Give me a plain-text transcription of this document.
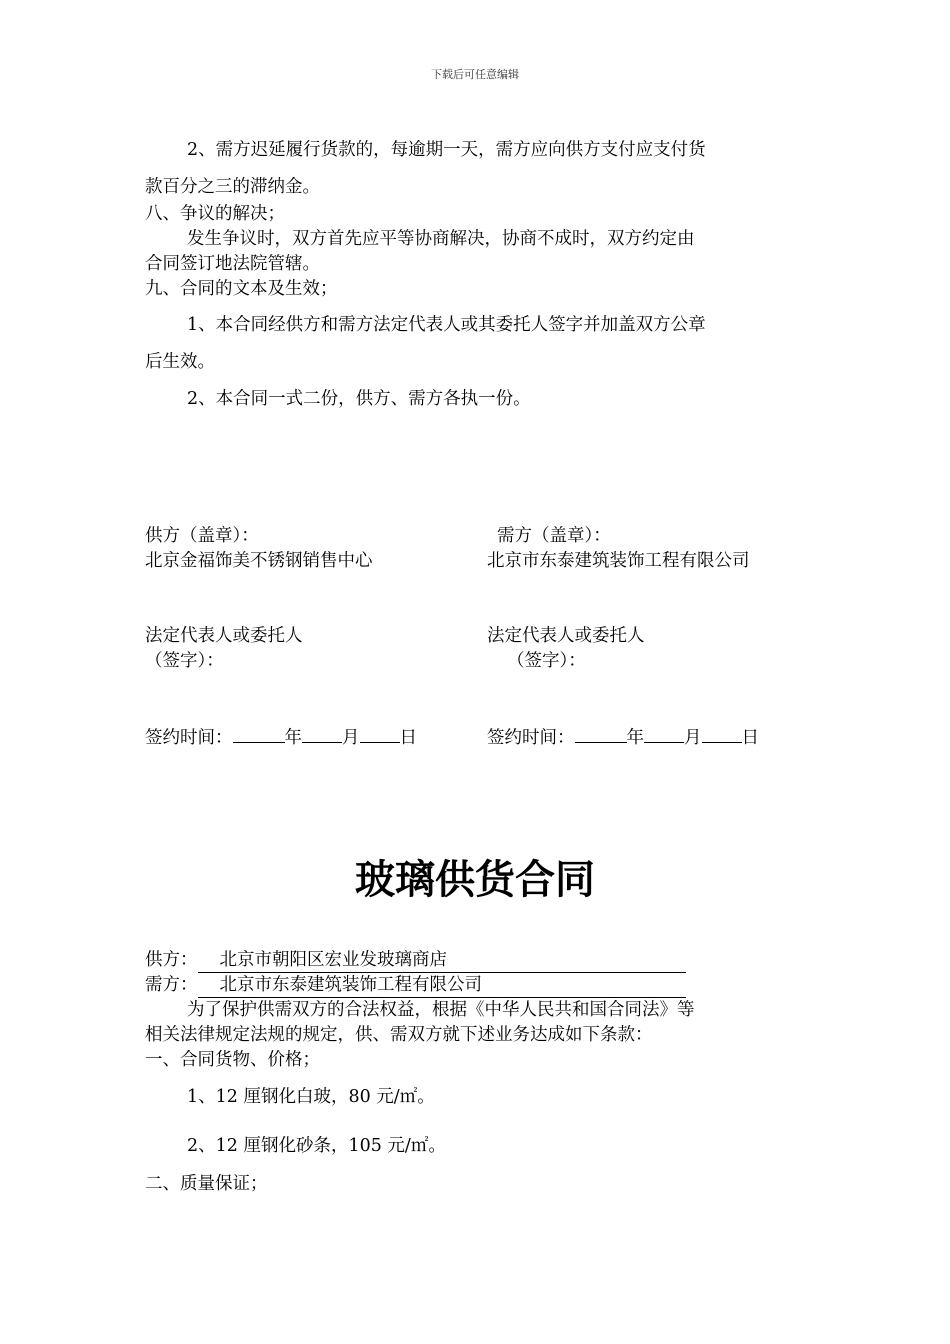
下载后可任意编辑
2、需方迟延履行货款的，每逾期一天，需方应向供方支付应支付货
款百分之三的滞纳金。
八、争议的解决；
发生争议时，双方首先应平等协商解决，协商不成时，双方约定由
合同签订地法院管辖。
九、合同的文本及生效；
1、本合同经供方和需方法定代表人或其委托人签字并加盖双方公章
后生效。
2、本合同一式二份，供方、需方各执一份。
供方（盖章）：	需方（盖章）：
北京金福饰美不锈钢销售中心	北京市东泰建筑装饰工程有限公司
法定代表人或委托人	法定代表人或委托人
（签字）：	（签字）：
签约时间：	年 月 日	签约时间：	年 月 日
玻璃供货合同
供方： 北京市朝阳区宏业发玻璃商店
需方： 北京市东泰建筑装饰工程有限公司
为了保护供需双方的合法权益，根据《中华人民共和国合同法》等
相关法律规定法规的规定，供、需双方就下述业务达成如下条款：
一、合同货物、价格；
1、12 厘钢化白玻，80 元/㎡。
2、12 厘钢化砂条，105 元/㎡。
二、质量保证；
